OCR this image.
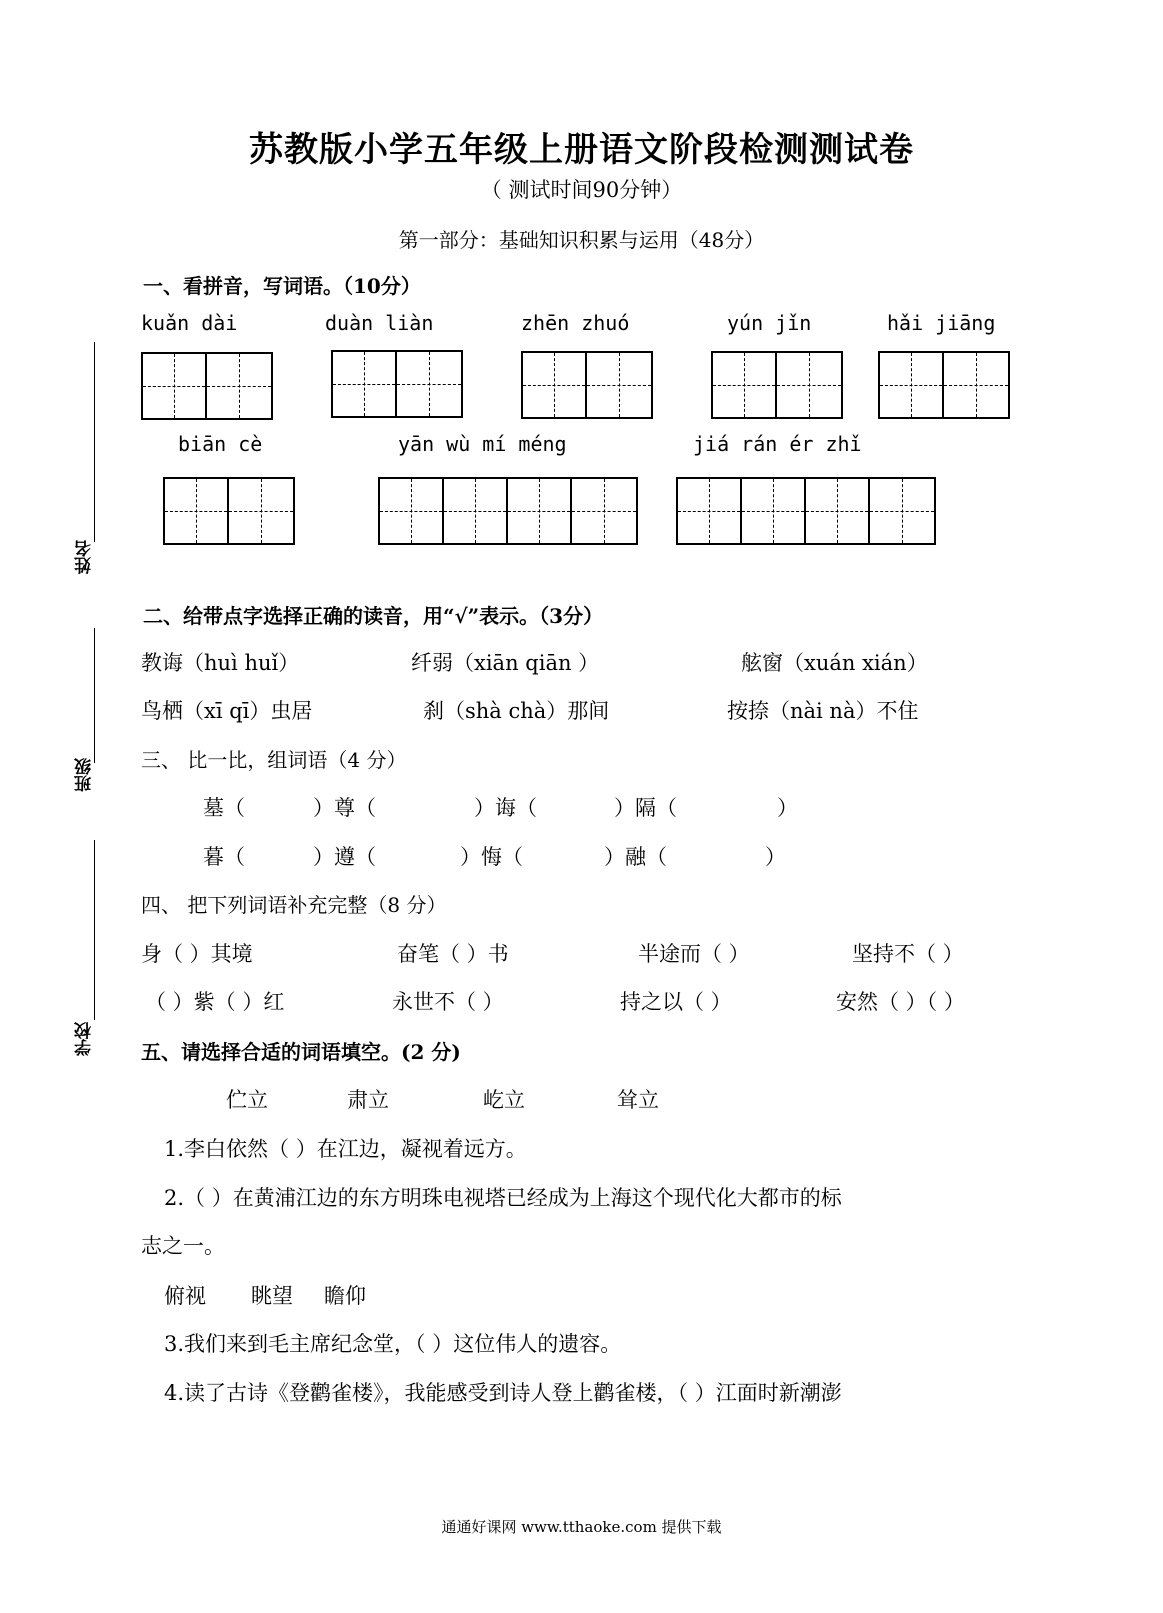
苏教版小学五年级上册语文阶段检测测试卷
（ 测试时间90分钟）
第一部分：基础知识积累与运用（48分）
姓名
班级
学校
一、看拼音，写词语。（10分）
kuǎn dài	duàn liàn	zhēn zhuó	yún jǐn	hǎi jiāng
biān cè	yān wù mí méng	jiá rán ér zhǐ
二、给带点字选择正确的读音，用“√”表示。（3分）
教诲（huì huǐ）	纤弱（xiān qiān ）	舷窗（xuán xián）
鸟栖（xī qī）虫居	刹（shà chà）那间	按捺（nài nà）不住
三、 比一比，组词语（4 分）
墓（	）尊（	）诲（	）隔（	）
暮（	）遵（	）悔（	）融（	）
四、 把下列词语补充完整（8 分）
身（ ）其境	奋笔（ ）书	半途而（ ）	坚持不（ ）
（ ）紫（ ）红	永世不（ ）	持之以（ ）	安然（ ）（ ）
五、请选择合适的词语填空。(2 分)
伫立	肃立	屹立	耸立
1.李白依然（ ）在江边，凝视着远方。
2.（ ）在黄浦江边的东方明珠电视塔已经成为上海这个现代化大都市的标
志之一。
俯视 眺望 瞻仰
3.我们来到毛主席纪念堂，（ ）这位伟人的遗容。
4.读了古诗《登鹳雀楼》，我能感受到诗人登上鹳雀楼，（ ）江面时新潮澎
通通好课网 www.tthaoke.com 提供下载
